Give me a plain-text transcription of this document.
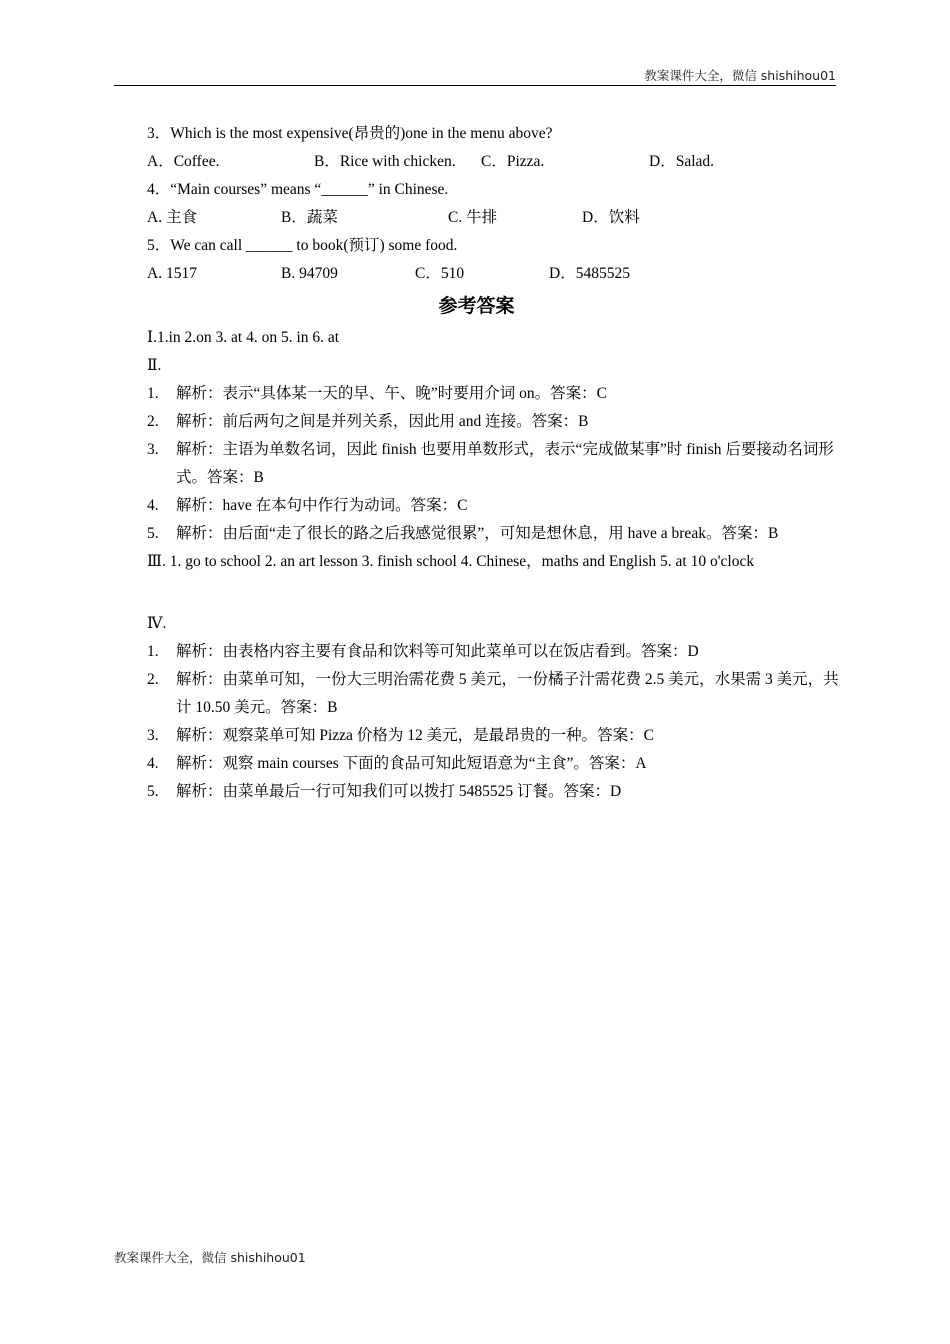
教案课件大全，微信 shishihou01
3．Which is the most expensive(昂贵的)one in the menu above?
A．Coffee.	B．Rice with chicken. C．Pizza.	D．Salad.
4．“Main courses” means “______” in Chinese.
A. 主食	B．蔬菜	C. 牛排	D．饮料
5．We can call ______ to book(预订) some food.
A. 1517	B. 94709	C．510	D．5485525
参考答案
Ⅰ.1.in 2.on 3. at 4. on 5. in 6. at
Ⅱ.
1.	解析：表示“具体某一天的早、午、晚”时要用介词 on。答案：C
2.	解析：前后两句之间是并列关系，因此用 and 连接。答案：B
3.	解析：主语为单数名词，因此 finish 也要用单数形式，表示“完成做某事”时 finish 后要接动名词形式。答案：B
4.	解析：have 在本句中作行为动词。答案：C
5.	解析：由后面“走了很长的路之后我感觉很累”，可知是想休息，用 have a break。答案：B
Ⅲ. 1. go to school 2. an art lesson 3. finish school 4. Chinese，maths and English 5. at 10 o'clock
Ⅳ.
1.	解析：由表格内容主要有食品和饮料等可知此菜单可以在饭店看到。答案：D
2.	解析：由菜单可知，一份大三明治需花费 5 美元，一份橘子汁需花费 2.5 美元，水果需 3 美元，共计 10.50 美元。答案：B
3.	解析：观察菜单可知 Pizza 价格为 12 美元，是最昂贵的一种。答案：C
4.	解析：观察 main courses 下面的食品可知此短语意为“主食”。答案：A
5.	解析：由菜单最后一行可知我们可以拨打 5485525 订餐。答案：D
教案课件大全，微信 shishihou01
